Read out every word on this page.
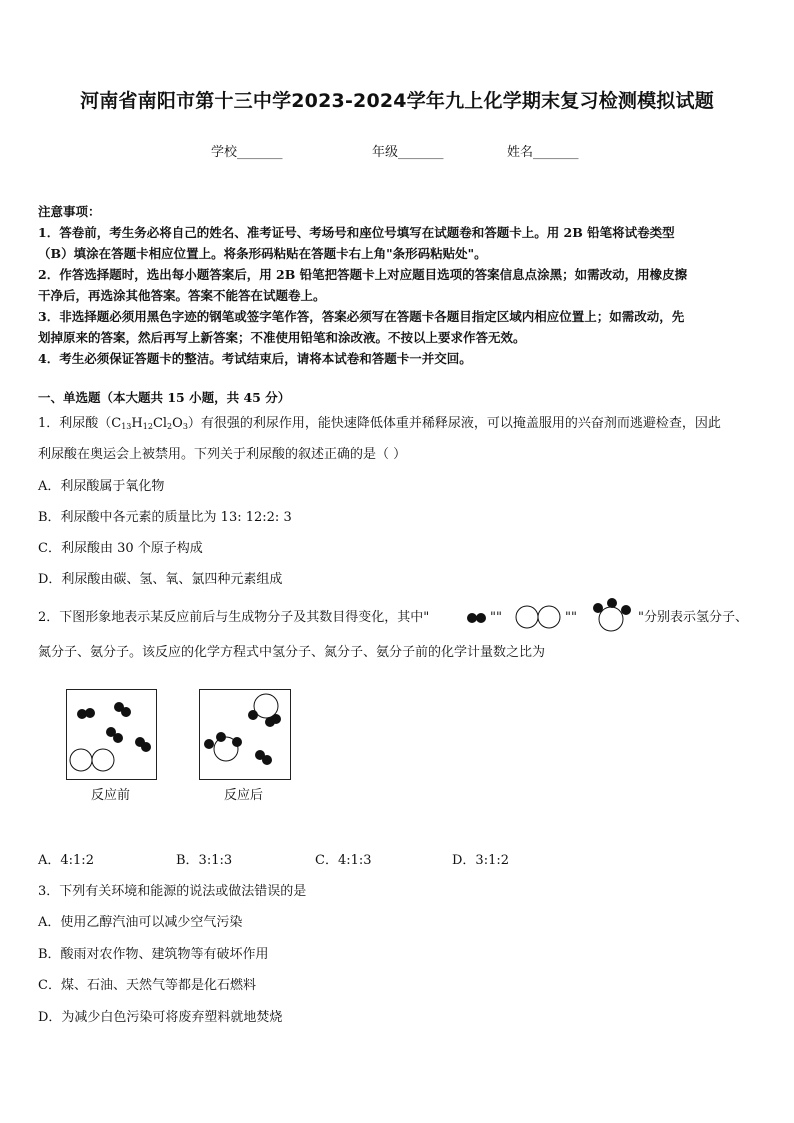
河南省南阳市第十三中学2023-2024学年九上化学期末复习检测模拟试题
学校_______	年级_______	姓名_______
注意事项：
1．答卷前，考生务必将自己的姓名、准考证号、考场号和座位号填写在试题卷和答题卡上。用 2B 铅笔将试卷类型
（B）填涂在答题卡相应位置上。将条形码粘贴在答题卡右上角"条形码粘贴处"。
2．作答选择题时，选出每小题答案后，用 2B 铅笔把答题卡上对应题目选项的答案信息点涂黑；如需改动，用橡皮擦
干净后，再选涂其他答案。答案不能答在试题卷上。
3．非选择题必须用黑色字迹的钢笔或签字笔作答，答案必须写在答题卡各题目指定区域内相应位置上；如需改动，先
划掉原来的答案，然后再写上新答案；不准使用铅笔和涂改液。不按以上要求作答无效。
4．考生必须保证答题卡的整洁。考试结束后，请将本试卷和答题卡一并交回。
一、单选题（本大题共 15 小题，共 45 分）
1．利尿酸（C13H12Cl2O3）有很强的利尿作用，能快速降低体重并稀释尿液，可以掩盖服用的兴奋剂而逃避检查，因此
利尿酸在奥运会上被禁用。下列关于利尿酸的叙述正确的是（ ）
A．利尿酸属于氧化物
B．利尿酸中各元素的质量比为 13: 12:2: 3
C．利尿酸由 30 个原子构成
D．利尿酸由碳、氢、氧、氯四种元素组成
2．下图形象地表示某反应前后与生成物分子及其数目得变化，其中"	""	""	"分别表示氢分子、
氮分子、氨分子。该反应的化学方程式中氢分子、氮分子、氨分子前的化学计量数之比为
反应前	反应后
A．4:1:2	B．3:1:3	C．4:1:3	D．3:1:2
3．下列有关环境和能源的说法或做法错误的是
A．使用乙醇汽油可以减少空气污染
B．酸雨对农作物、建筑物等有破坏作用
C．煤、石油、天然气等都是化石燃料
D．为减少白色污染可将废弃塑料就地焚烧
